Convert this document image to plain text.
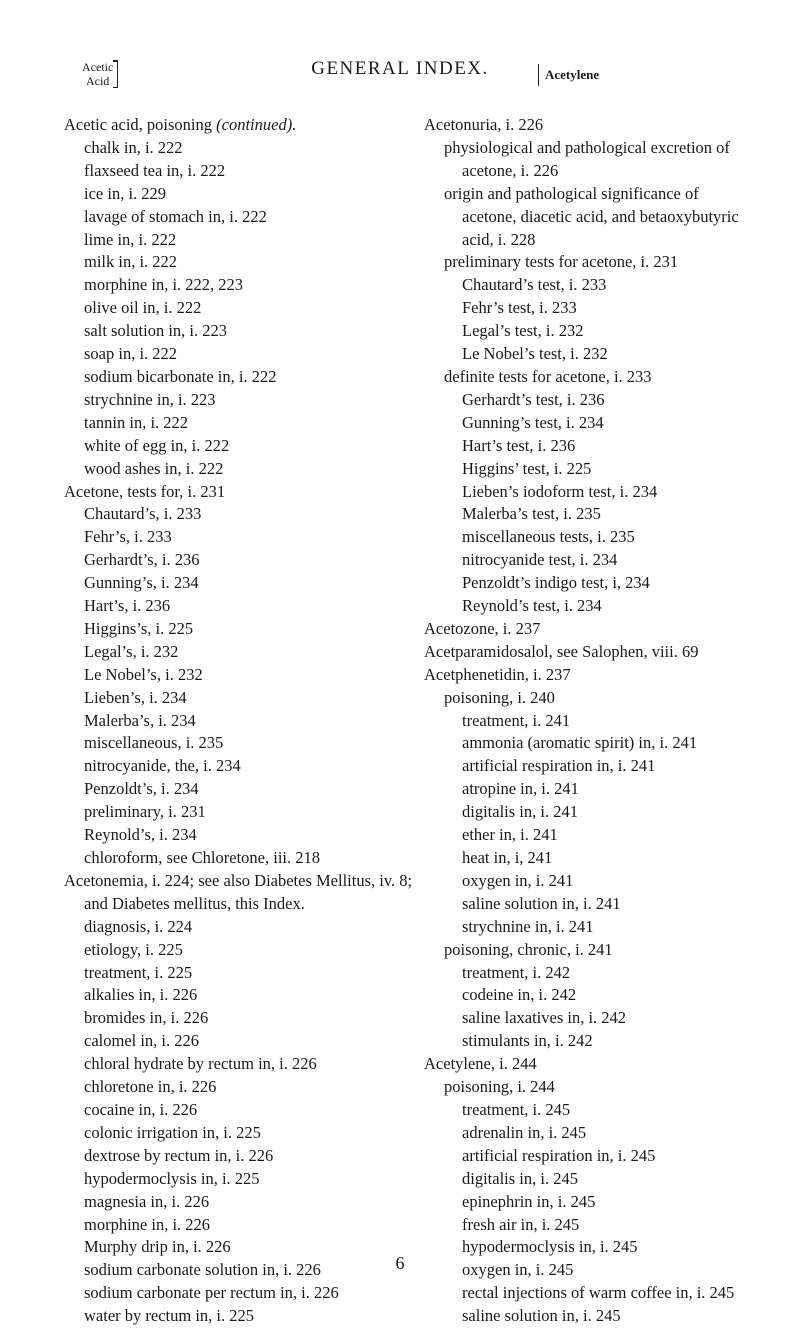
Acetic
Acid
GENERAL INDEX.	Acetylene

Acetic acid, poisoning (continued).

chalk in, i. 222

flaxseed tea in, i. 222

ice in, i. 229

lavage of stomach in, i. 222

lime in, i. 222

milk in, i. 222

morphine in, i. 222, 223

olive oil in, i. 222

salt solution in, i. 223

soap in, i. 222

sodium bicarbonate in, i. 222

strychnine in, i. 223

tannin in, i. 222

white of egg in, i. 222

wood ashes in, i. 222

Acetone, tests for, i. 231

Chautard’s, i. 233

Fehr’s, i. 233

Gerhardt’s, i. 236

Gunning’s, i. 234

Hart’s, i. 236

Higgins’s, i. 225

Legal’s, i. 232

Le Nobel’s, i. 232

Lieben’s, i. 234

Malerba’s, i. 234

miscellaneous, i. 235

nitrocyanide, the, i. 234

Penzoldt’s, i. 234

preliminary, i. 231

Reynold’s, i. 234

chloroform, see Chloretone, iii. 218

Acetonemia, i. 224; see also Diabetes Mellitus, iv. 8; and Diabetes mellitus, this Index.

diagnosis, i. 224

etiology, i. 225

treatment, i. 225

alkalies in, i. 226

bromides in, i. 226

calomel in, i. 226

chloral hydrate by rectum in, i. 226

chloretone in, i. 226

cocaine in, i. 226

colonic irrigation in, i. 225

dextrose by rectum in, i. 226

hypodermoclysis in, i. 225

magnesia in, i. 226

morphine in, i. 226

Murphy drip in, i. 226

sodium carbonate solution in, i. 226

sodium carbonate per rectum in, i. 226

water by rectum in, i. 225

Acetonuria, i. 226

physiological and pathological excretion of acetone, i. 226

origin and pathological significance of acetone, diacetic acid, and betaoxybutyric acid, i. 228

preliminary tests for acetone, i. 231

Chautard’s test, i. 233

Fehr’s test, i. 233

Legal’s test, i. 232

Le Nobel’s test, i. 232

definite tests for acetone, i. 233

Gerhardt’s test, i. 236

Gunning’s test, i. 234

Hart’s test, i. 236

Higgins’ test, i. 225

Lieben’s iodoform test, i. 234

Malerba’s test, i. 235

miscellaneous tests, i. 235

nitrocyanide test, i. 234

Penzoldt’s indigo test, i, 234

Reynold’s test, i. 234

Acetozone, i. 237

Acetparamidosalol, see Salophen, viii. 69

Acetphenetidin, i. 237

poisoning, i. 240

treatment, i. 241

ammonia (aromatic spirit) in, i. 241

artificial respiration in, i. 241

atropine in, i. 241

digitalis in, i. 241

ether in, i. 241

heat in, i, 241

oxygen in, i. 241

saline solution in, i. 241

strychnine in, i. 241

poisoning, chronic, i. 241

treatment, i. 242

codeine in, i. 242

saline laxatives in, i. 242

stimulants in, i. 242

Acetylene, i. 244

poisoning, i. 244

treatment, i. 245

adrenalin in, i. 245

artificial respiration in, i. 245

digitalis in, i. 245

epinephrin in, i. 245

fresh air in, i. 245

hypodermoclysis in, i. 245

oxygen in, i. 245

rectal injections of warm coffee in, i. 245

saline solution in, i. 245

6
